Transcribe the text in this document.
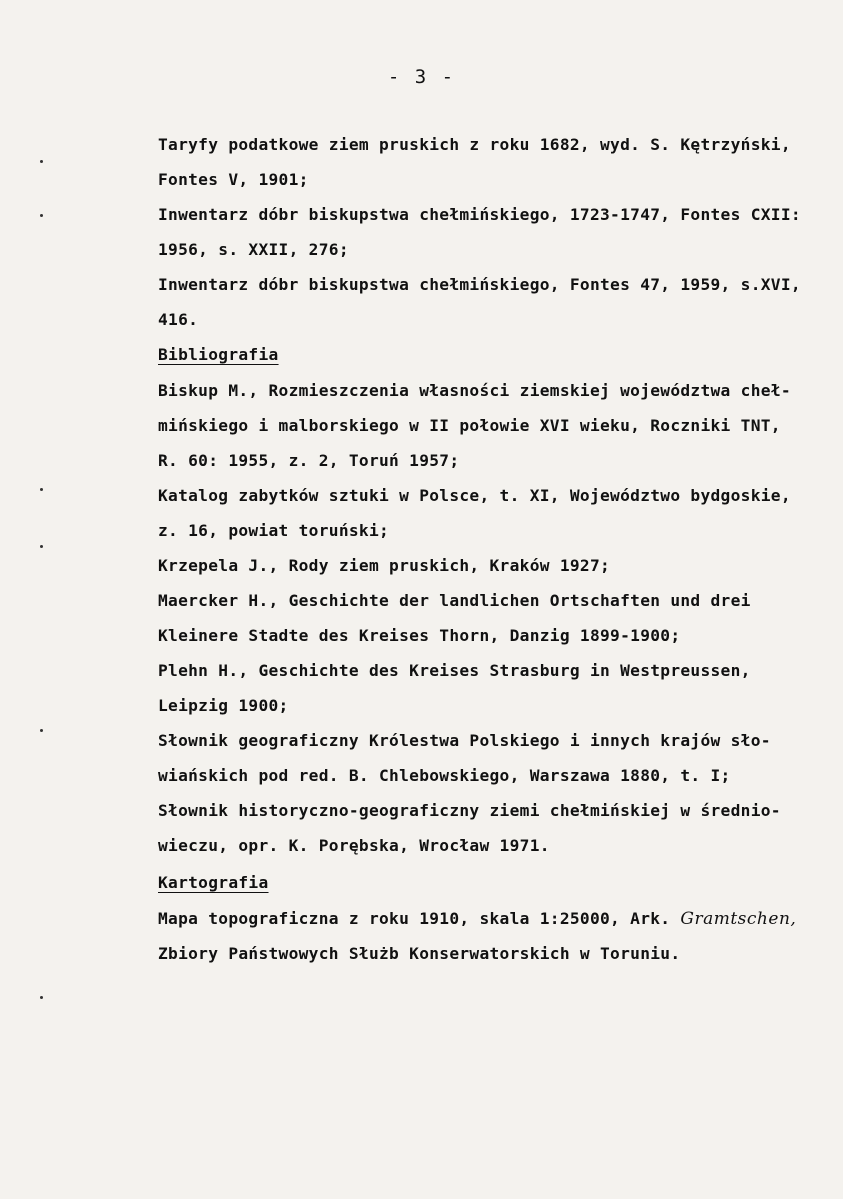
- 3 -
Taryfy podatkowe ziem pruskich z roku 1682, wyd. S. Kętrzyński,
Fontes V, 1901;
Inwentarz dóbr biskupstwa chełmińskiego, 1723-1747, Fontes CXII:
1956, s. XXII, 276;
Inwentarz dóbr biskupstwa chełmińskiego, Fontes 47, 1959, s.XVI,
416.
Bibliografia
Biskup M., Rozmieszczenia własności ziemskiej województwa cheł-
mińskiego i malborskiego w II połowie XVI wieku, Roczniki TNT,
R. 60: 1955, z. 2, Toruń 1957;
Katalog zabytków sztuki w Polsce, t. XI, Województwo bydgoskie,
z. 16, powiat toruński;
Krzepela J., Rody ziem pruskich, Kraków 1927;
Maercker H., Geschichte der landlichen Ortschaften und drei
Kleinere Stadte des Kreises Thorn, Danzig 1899-1900;
Plehn H., Geschichte des Kreises Strasburg in Westpreussen,
Leipzig 1900;
Słownik geograficzny Królestwa Polskiego i innych krajów sło-
wiańskich pod red. B. Chlebowskiego, Warszawa 1880, t. I;
Słownik historyczno-geograficzny ziemi chełmińskiej w średnio-
wieczu, opr. K. Porębska, Wrocław 1971.
Kartografia
Mapa topograficzna z roku 1910, skala 1:25000, Ark. Gramtschen,
Zbiory Państwowych Służb Konserwatorskich w Toruniu.
